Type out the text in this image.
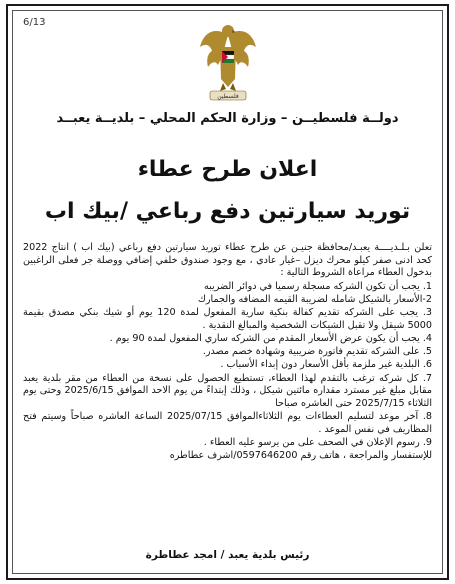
6/13
فلسطين
دولــة فلسطيــن – وزارة الحكم المحلي – بلديــة يعبــد
اعلان طرح عطاء
توريد سيارتين دفع رباعي /بيك اب

تعلن بـلـديــــة يعبـد/محافظة جنيـن عن طرح عطاء توريد سيارتين دفع رباعي (بيك اب ) انتاج 2022 كحد ادنى صفر كيلو محرك ديزل –غيار عادي ، مع وجود صندوق خلفي إضافي ووصلة جر فعلى الراغبين بدخول العطاء مراعاة الشروط التالية :

1. يجب أن تكون الشركه مسجلة رسميا في دوائر الضريبه

2-الأسعار بالشيكل شامله لضريبة القيمه المضافه والجمارك

3. يجب على الشركه تقديم كفالة بنكية سارية المفعول لمدة 120 يوم أو شيك بنكي مصدق بقيمة 5000 شيقل ولا تقبل الشيكات الشخصية والمبالغ النقدية .

4. يجب أن يكون عرض الأسعار المقدم من الشركه ساري المفعول لمدة 90 يوم .

5. على الشركه تقديم فاتورة ضريبية وشهادة خصم مصدر.

6. البلدية غير ملزمة بأقل الأسعار دون إبداء الأسباب .

7. كل شركه ترغب بالتقدم لهذا العطاء، تستطيع الحصول على نسخة من العطاء من مقر بلدية يعبد مقابل مبلغ غير مسترد مقداره مائتين شيكل ، وذلك إبتداءً من يوم الاحد الموافق 2025/6/15 وحتى يوم الثلاثاء 2025/7/15 حتى العاشره صباحا

8. آخر موعد لتسليم العطاءات يوم الثلاثاءالموافق 2025/07/15 الساعة العاشره صباحاً وسيتم فتح المظاريف في نفس الموعد .

9. رسوم الإعلان في الصحف على من يرسو عليه العطاء .

للإستفسار والمراجعة ، هاتف رقم 0597646200/اشرف عطاطره

رئيس بلدية يعبد / امجد عطاطرة
